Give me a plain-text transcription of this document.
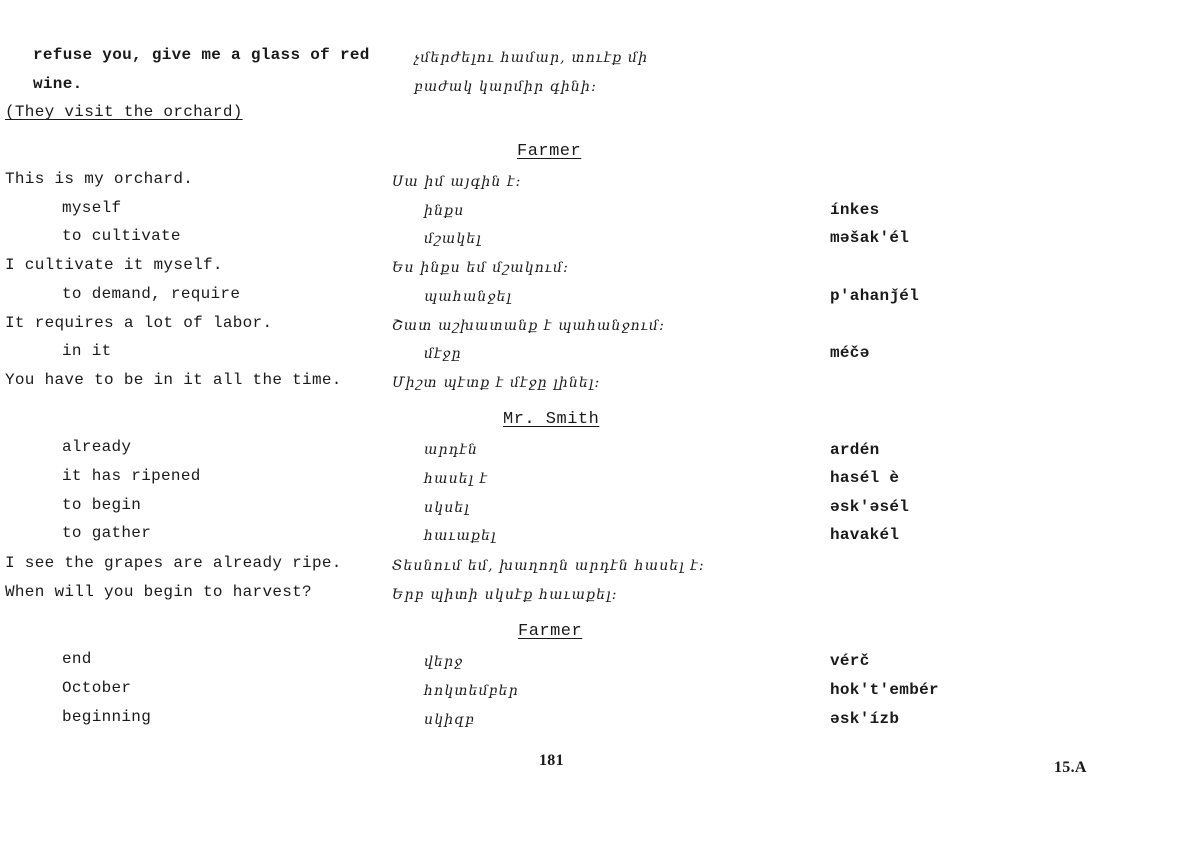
refuse you, give me a glass of red
wine.
չմերժելու համար, տուէք մի
բաժակ կարմիր գինի։
(They visit the orchard)
Farmer
This is my orchard.	Սա իմ այգին է։
myself	ինքս	ínkes
to cultivate	մշակել	məšak'él
I cultivate it myself.	Ես ինքս եմ մշակում։
to demand, require	պահանջել	p'ahanǰél
It requires a lot of labor.	Շատ աշխատանք է պահանջում։
in it	մէջը	méčə
You have to be in it all the time.	Միշտ պէտք է մէջը լինել։
Mr. Smith
already	արդէն	ardén
it has ripened	հասել է	hasél è
to begin	սկսել	əsk'əsél
to gather	հաւաքել	havakél
I see the grapes are already ripe.	Տեսնում եմ, խաղողն արդէն հասել է։
When will you begin to harvest?	Երբ պիտի սկսէք հաւաքել։
Farmer
end	վերջ	vérč
October	հոկտեմբեր	hok't'embér
beginning	սկիզբ	əsk'ízb
181	15.A
